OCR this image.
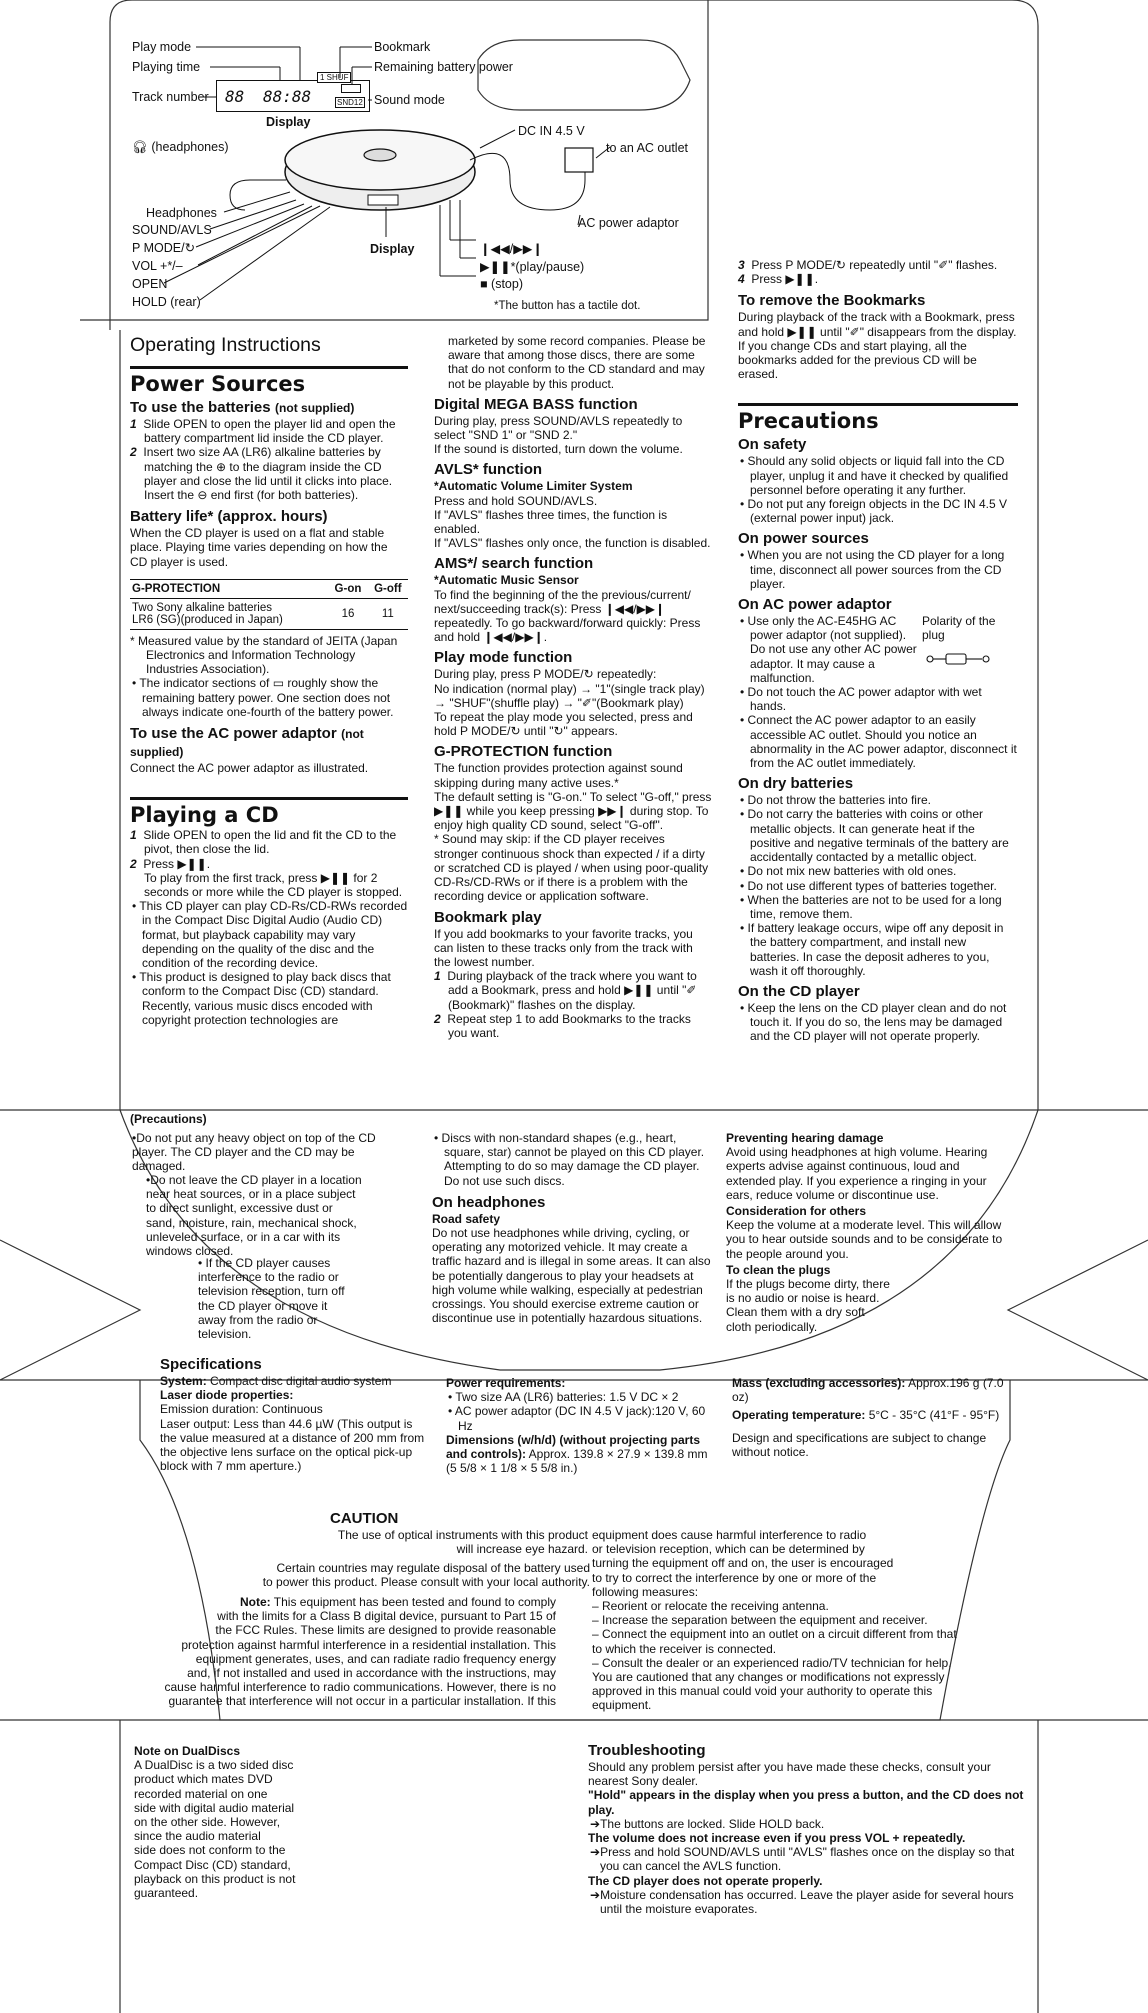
Play mode
Playing time
Track number
Bookmark
Remaining battery power
Sound mode
Display
88 88:88
1 SHUF
SND12
🎧︎ (headphones)
Headphones
SOUND/AVLS
P MODE/↻
VOL +*/–
OPEN
HOLD (rear)
Display
DC IN 4.5 V
to an AC outlet
AC power adaptor
❙◀◀/▶▶❙
▶❚❚*(play/pause)
■ (stop)
*The button has a tactile dot.
Operating Instructions
Power Sources
To use the batteries (not supplied)
1 Slide OPEN to open the player lid and open the battery compartment lid inside the CD player.
2 Insert two size AA (LR6) alkaline batteries by matching the ⊕ to the diagram inside the CD player and close the lid until it clicks into place. Insert the ⊖ end first (for both batteries).
Battery life* (approx. hours)
When the CD player is used on a flat and stable place. Playing time varies depending on how the CD player is used.
G-PROTECTION	G-on	G-off
Two Sony alkaline batteries
LR6 (SG)(produced in Japan)	16	11
* Measured value by the standard of JEITA (Japan Electronics and Information Technology Industries Association).
• The indicator sections of ▭ roughly show the remaining battery power. One section does not always indicate one-fourth of the battery power.
To use the AC power adaptor (not supplied)
Connect the AC power adaptor as illustrated.
Playing a CD
1 Slide OPEN to open the lid and fit the CD to the pivot, then close the lid.
2 Press ▶❚❚.
To play from the first track, press ▶❚❚ for 2 seconds or more while the CD player is stopped.
• This CD player can play CD-Rs/CD-RWs recorded in the Compact Disc Digital Audio (Audio CD) format, but playback capability may vary depending on the quality of the disc and the condition of the recording device.
• This product is designed to play back discs that conform to the Compact Disc (CD) standard.
Recently, various music discs encoded with copyright protection technologies are
marketed by some record companies. Please be aware that among those discs, there are some that do not conform to the CD standard and may not be playable by this product.
Digital MEGA BASS function
During play, press SOUND/AVLS repeatedly to select "SND 1" or "SND 2."
If the sound is distorted, turn down the volume.
AVLS* function
*Automatic Volume Limiter System
Press and hold SOUND/AVLS.
If "AVLS" flashes three times, the function is enabled.
If "AVLS" flashes only once, the function is disabled.
AMS*/ search function
*Automatic Music Sensor
To find the beginning of the the previous/current/ next/succeeding track(s): Press ❙◀◀/▶▶❙ repeatedly. To go backward/forward quickly: Press and hold ❙◀◀/▶▶❙.
Play mode function
During play, press P MODE/↻ repeatedly:
No indication (normal play) → "1"(single track play) → "SHUF"(shuffle play) → "✐"(Bookmark play)
To repeat the play mode you selected, press and hold P MODE/↻ until "↻" appears.
G-PROTECTION function
The function provides protection against sound skipping during many active uses.*
The default setting is "G-on." To select "G-off," press ▶❚❚ while you keep pressing ▶▶❙ during stop. To enjoy high quality CD sound, select "G-off".
* Sound may skip: if the CD player receives stronger continuous shock than expected / if a dirty or scratched CD is played / when using poor-quality CD-Rs/CD-RWs or if there is a problem with the recording device or application software.
Bookmark play
If you add bookmarks to your favorite tracks, you can listen to these tracks only from the track with the lowest number.
1 During playback of the track where you want to add a Bookmark, press and hold ▶❚❚ until "✐ (Bookmark)" flashes on the display.
2 Repeat step 1 to add Bookmarks to the tracks you want.
3 Press P MODE/↻ repeatedly until "✐" flashes.
4 Press ▶❚❚.
To remove the Bookmarks
During playback of the track with a Bookmark, press and hold ▶❚❚ until "✐" disappears from the display.
If you change CDs and start playing, all the bookmarks added for the previous CD will be erased.
Precautions
On safety
• Should any solid objects or liquid fall into the CD player, unplug it and have it checked by qualified personnel before operating it any further.
• Do not put any foreign objects in the DC IN 4.5 V (external power input) jack.
On power sources
• When you are not using the CD player for a long time, disconnect all power sources from the CD player.
On AC power adaptor
• Use only the AC-E45HG AC power adaptor (not supplied). Do not use any other AC power adaptor. It may cause a malfunction.
Polarity of the
plug
• Do not touch the AC power adaptor with wet hands.
• Connect the AC power adaptor to an easily accessible AC outlet. Should you notice an abnormality in the AC power adaptor, disconnect it from the AC outlet immediately.
On dry batteries
• Do not throw the batteries into fire.
• Do not carry the batteries with coins or other metallic objects. It can generate heat if the positive and negative terminals of the battery are accidentally contacted by a metallic object.
• Do not mix new batteries with old ones.
• Do not use different types of batteries together.
• When the batteries are not to be used for a long time, remove them.
• If battery leakage occurs, wipe off any deposit in the battery compartment, and install new batteries. In case the deposit adheres to you, wash it off thoroughly.
On the CD player
• Keep the lens on the CD player clean and do not touch it. If you do so, the lens may be damaged and the CD player will not operate properly.
(Precautions)
•Do not put any heavy object on top of the CD
player. The CD player and the CD may be
damaged.
•Do not leave the CD player in a location
near heat sources, or in a place subject
to direct sunlight, excessive dust or
sand, moisture, rain, mechanical shock,
unleveled surface, or in a car with its
windows closed.
• If the CD player causes
interference to the radio or
television reception, turn off
the CD player or move it
away from the radio or
television.
• Discs with non-standard shapes (e.g., heart, square, star) cannot be played on this CD player. Attempting to do so may damage the CD player. Do not use such discs.
On headphones
Road safety
Do not use headphones while driving, cycling, or operating any motorized vehicle. It may create a traffic hazard and is illegal in some areas. It can also be potentially dangerous to play your headsets at high volume while walking, especially at pedestrian crossings. You should exercise extreme caution or discontinue use in potentially hazardous situations.
Preventing hearing damage
Avoid using headphones at high volume. Hearing experts advise against continuous, loud and extended play. If you experience a ringing in your ears, reduce volume or discontinue use.
Consideration for others
Keep the volume at a moderate level. This will allow you to hear outside sounds and to be considerate to the people around you.
To clean the plugs
If the plugs become dirty, there
is no audio or noise is heard.
Clean them with a dry soft
cloth periodically.
Specifications
System: Compact disc digital audio system
Laser diode properties:
Emission duration: Continuous
Laser output: Less than 44.6 µW (This output is the value measured at a distance of 200 mm from the objective lens surface on the optical pick-up block with 7 mm aperture.)
Power requirements:
• Two size AA (LR6) batteries: 1.5 V DC × 2
• AC power adaptor (DC IN 4.5 V jack):120 V, 60 Hz
Dimensions (w/h/d) (without projecting parts and controls): Approx. 139.8 × 27.9 × 139.8 mm (5 5/8 × 1 1/8 × 5 5/8 in.)
Mass (excluding accessories): Approx.196 g (7.0 oz)
Operating temperature: 5°C - 35°C (41°F - 95°F)
Design and specifications are subject to change without notice.
CAUTION
The use of optical instruments with this product
will increase eye hazard.
Certain countries may regulate disposal of the battery used
to power this product. Please consult with your local authority.
Note: This equipment has been tested and found to comply
with the limits for a Class B digital device, pursuant to Part 15 of
the FCC Rules. These limits are designed to provide reasonable
protection against harmful interference in a residential installation. This
equipment generates, uses, and can radiate radio frequency energy
and, if not installed and used in accordance with the instructions, may
cause harmful interference to radio communications. However, there is no
guarantee that interference will not occur in a particular installation. If this
equipment does cause harmful interference to radio
or television reception, which can be determined by
turning the equipment off and on, the user is encouraged
to try to correct the interference by one or more of the
following measures:
– Reorient or relocate the receiving antenna.
– Increase the separation between the equipment and receiver.
– Connect the equipment into an outlet on a circuit different from that
to which the receiver is connected.
– Consult the dealer or an experienced radio/TV technician for help.
You are cautioned that any changes or modifications not expressly
approved in this manual could void your authority to operate this
equipment.
Note on DualDiscs
A DualDisc is a two sided disc
product which mates DVD
recorded material on one
side with digital audio material
on the other side. However,
since the audio material
side does not conform to the
Compact Disc (CD) standard,
playback on this product is not
guaranteed.
Troubleshooting
Should any problem persist after you have made these checks, consult your nearest Sony dealer.
"Hold" appears in the display when you press a button, and the CD does not play.
➔The buttons are locked. Slide HOLD back.
The volume does not increase even if you press VOL + repeatedly.
➔Press and hold SOUND/AVLS until "AVLS" flashes once on the display so that you can cancel the AVLS function.
The CD player does not operate properly.
➔Moisture condensation has occurred. Leave the player aside for several hours until the moisture evaporates.
